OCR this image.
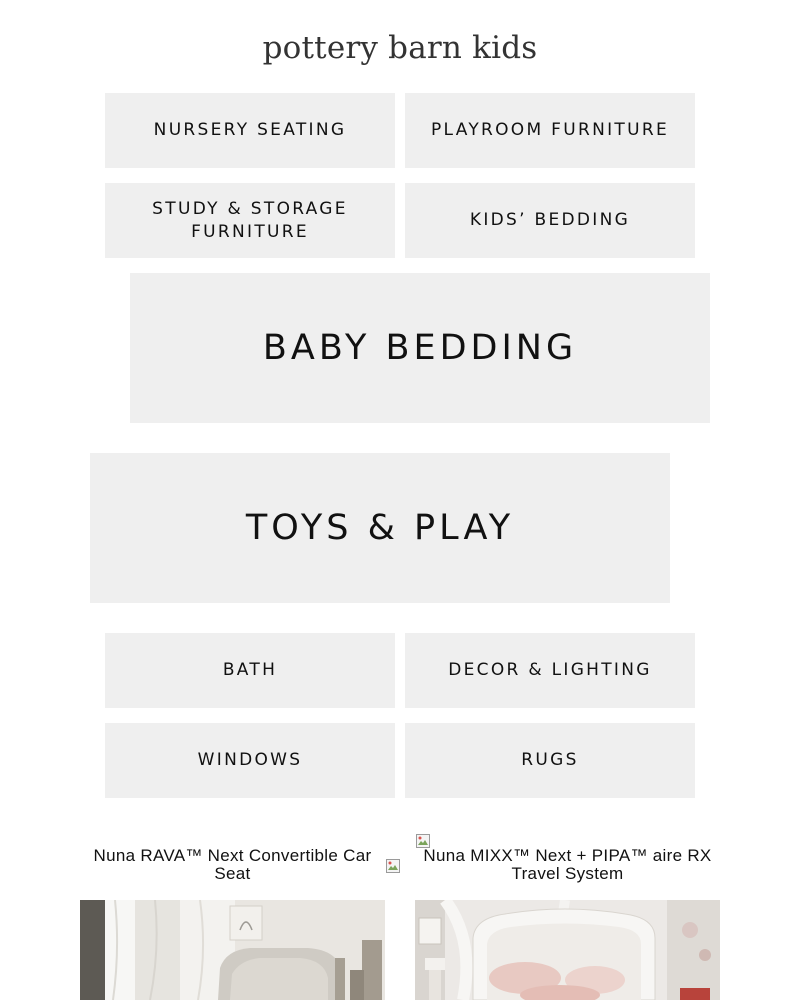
pottery barn kids
NURSERY SEATING	PLAYROOM FURNITURE
STUDY & STORAGE FURNITURE
KIDS’ BEDDING
BABY BEDDING
TOYS & PLAY
BATH	DECOR & LIGHTING
WINDOWS	RUGS
Nuna RAVA™ Next Convertible Car Seat
Nuna MIXX™ Next + PIPA™ aire RX Travel System
